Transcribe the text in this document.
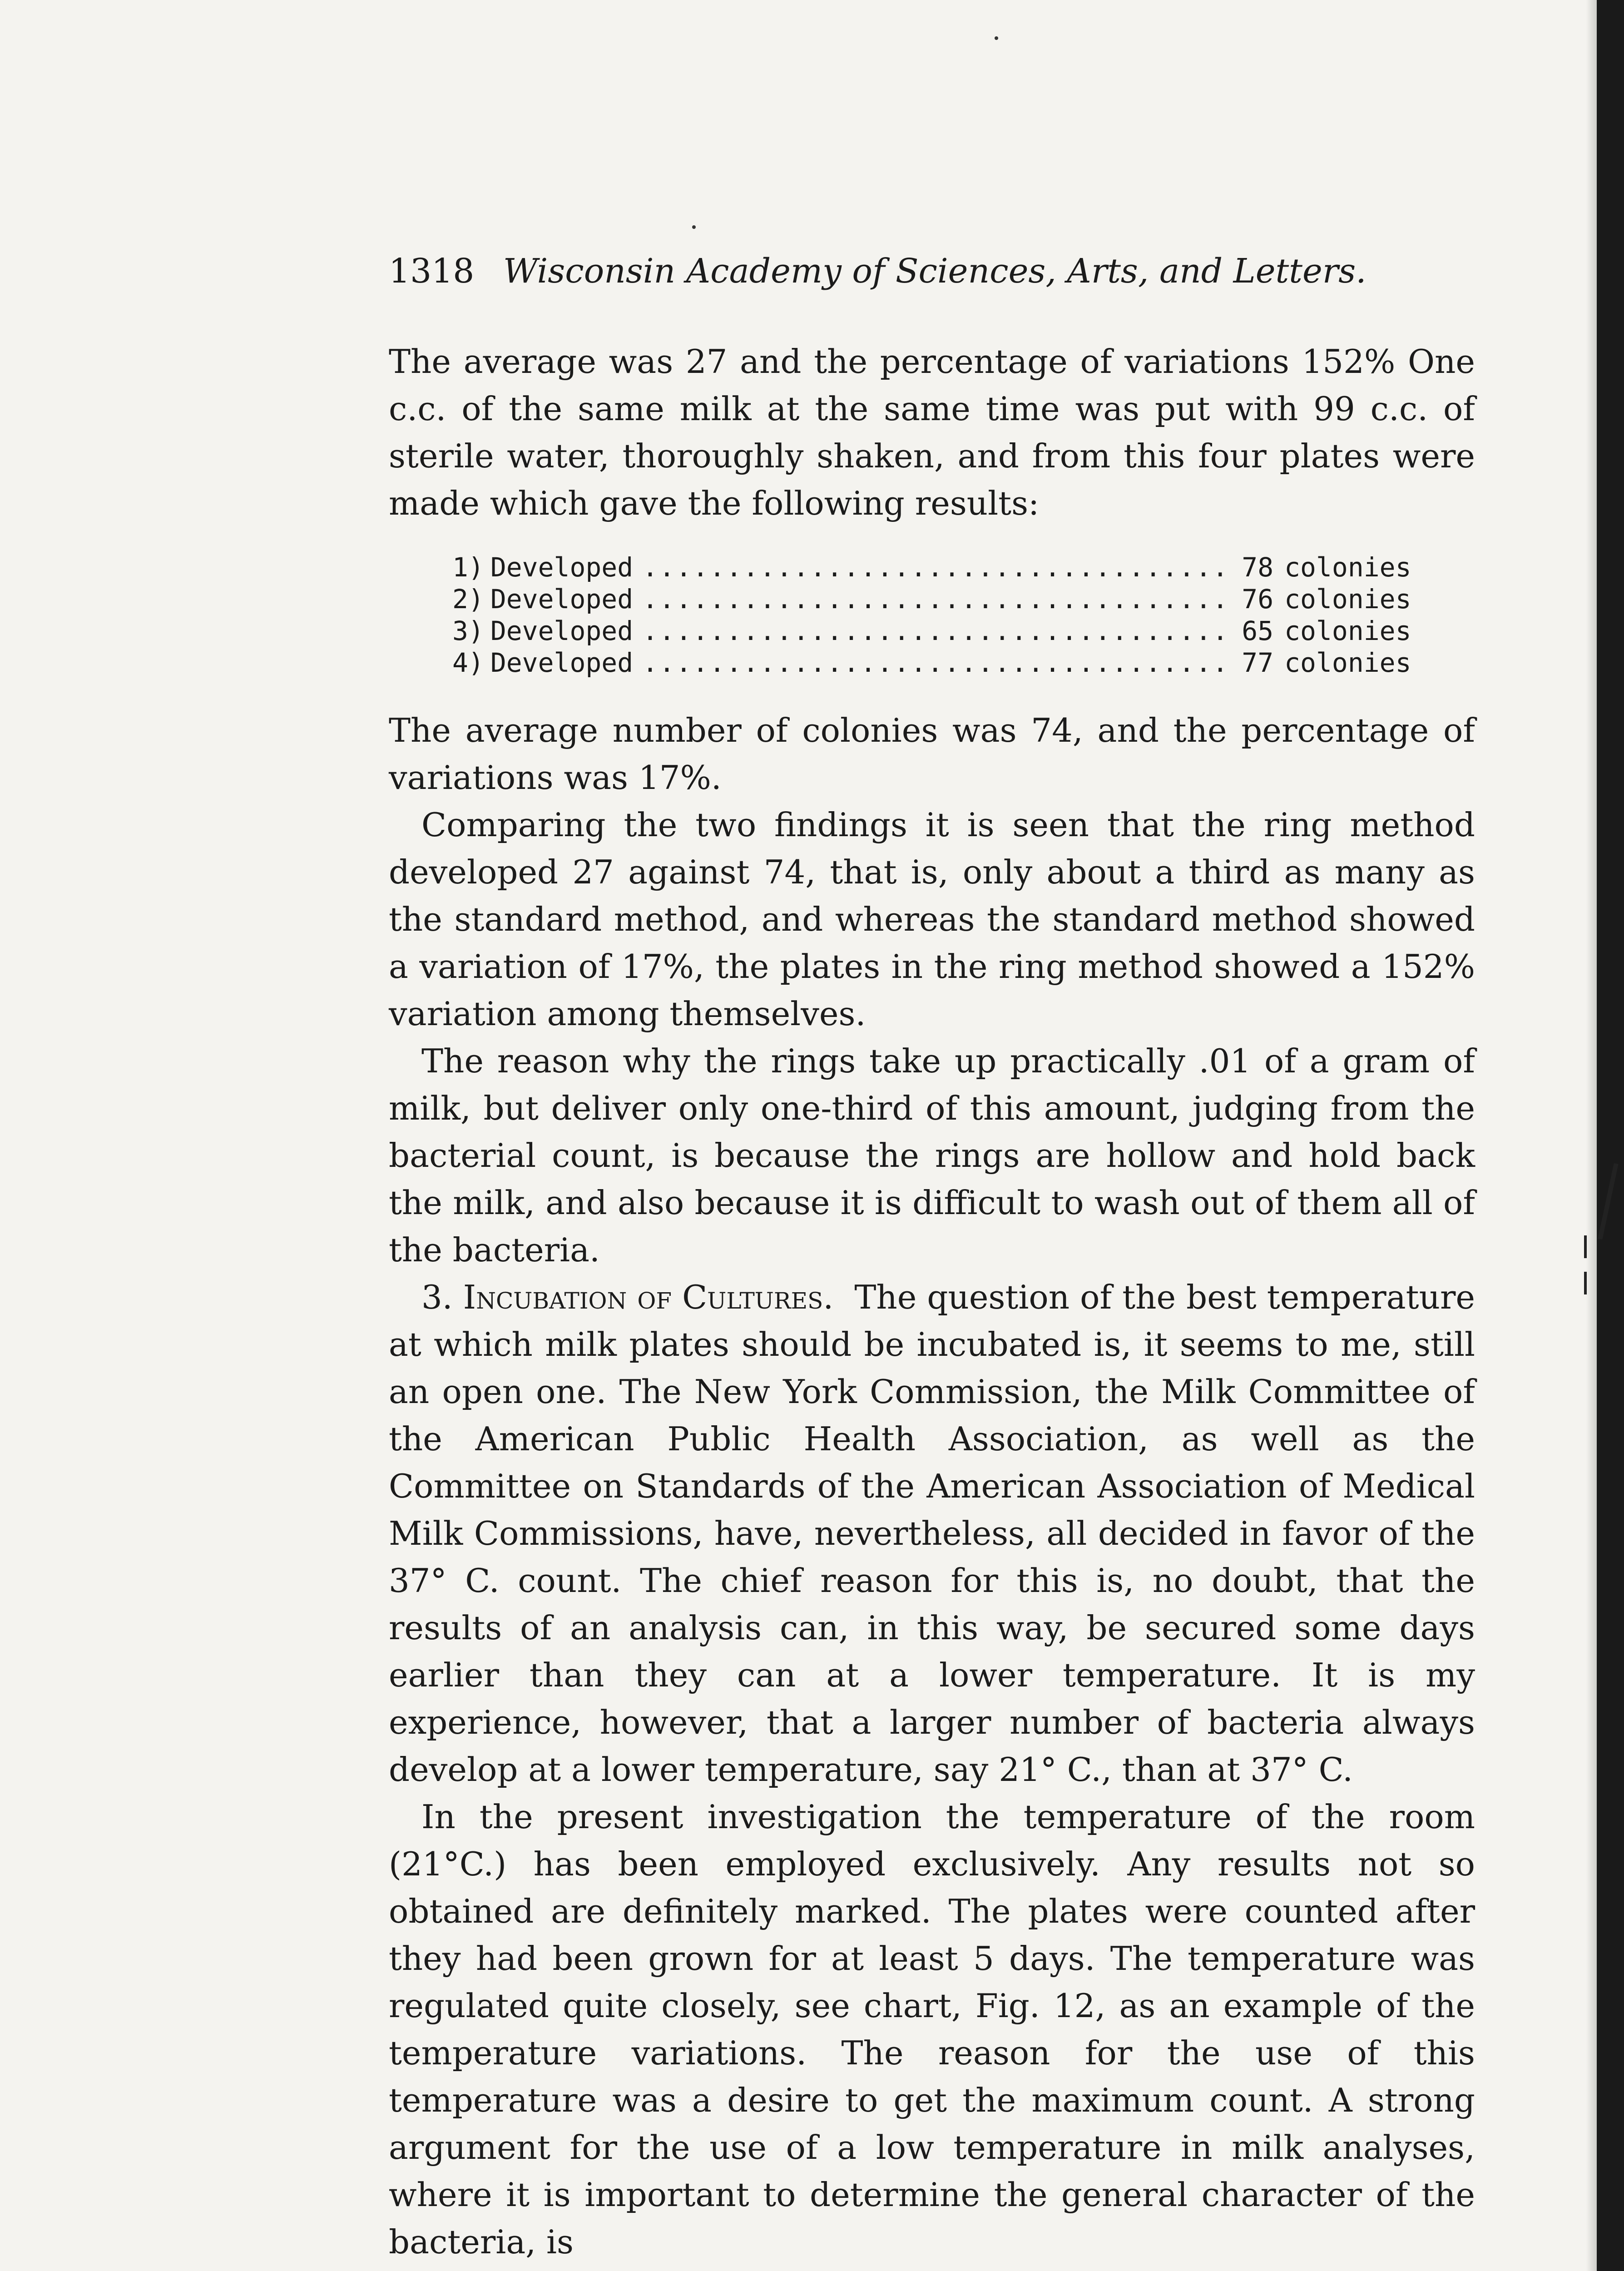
1318 Wisconsin Academy of Sciences, Arts, and Letters.

The average was 27 and the percentage of variations 152% One c.c. of the same milk at the same time was put with 99 c.c. of sterile water, thoroughly shaken, and from this four plates were made which gave the following results:

1) Developed ................................... 78 colonies
2) Developed ................................... 76 colonies
3) Developed ................................... 65 colonies
4) Developed ................................... 77 colonies

The average number of colonies was 74, and the percentage of variations was 17%.

Comparing the two findings it is seen that the ring method developed 27 against 74, that is, only about a third as many as the standard method, and whereas the standard method showed a variation of 17%, the plates in the ring method showed a 152% variation among themselves.

The reason why the rings take up practically .01 of a gram of milk, but deliver only one-third of this amount, judging from the bacterial count, is because the rings are hollow and hold back the milk, and also because it is difficult to wash out of them all of the bacteria.

3. Incubation of Cultures. The question of the best temperature at which milk plates should be incubated is, it seems to me, still an open one. The New York Commission, the Milk Committee of the American Public Health Association, as well as the Committee on Standards of the American Association of Medical Milk Commissions, have, nevertheless, all decided in favor of the 37° C. count. The chief reason for this is, no doubt, that the results of an analysis can, in this way, be secured some days earlier than they can at a lower temperature. It is my experience, however, that a larger number of bacteria always develop at a lower temperature, say 21° C., than at 37° C.

In the present investigation the temperature of the room (21°C.) has been employed exclusively. Any results not so obtained are definitely marked. The plates were counted after they had been grown for at least 5 days. The temperature was regulated quite closely, see chart, Fig. 12, as an example of the temperature variations. The reason for the use of this temperature was a desire to get the maximum count. A strong argument for the use of a low temperature in milk analyses, where it is important to determine the general character of the bacteria, is
